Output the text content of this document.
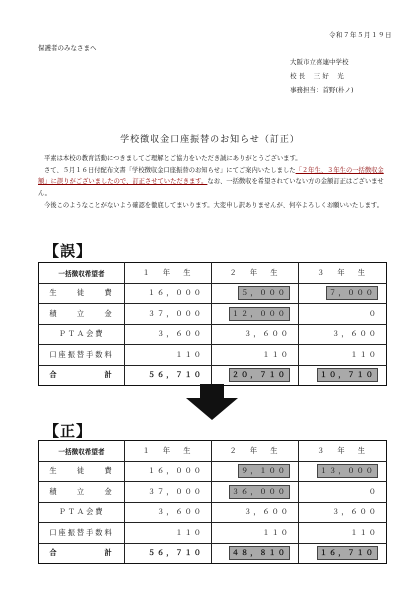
令和７年５月１９日
保護者のみなさまへ
大阪市立喜連中学校
校 長　 三 好　 光
事務担当：首野(朴ノ)
学校徴収金口座振替のお知らせ（訂正）

平素は本校の教育活動につきましてご理解とご協力をいただき誠にありがとうございます。

さて、５月１６日付配布文書「学校徴収金口座振替のお知らせ」にてご案内いたしました「２年生、３年生の一括徴収金額」に誤りがございましたので、訂正させていただきます。なお、一括徴収を希望されていない方の金額訂正はございません。

今後このようなことがないよう確認を徹底してまいります。大変申し訳ありませんが、何卒よろしくお願いいたします。

【誤】
一括徴収希望者	１　年　生	２　年　生	３　年　生
生　　徒　　費	１６，０００	５，０００	７，０００
積　　立　　金	３７，０００	１２，０００	０
ＰＴＡ会費	３，６００	３，６００	３，６００
口座振替手数料	１１０	１１０	１１０
合　　　　　計	５６，７１０	２０，７１０	１０，７１０
【正】
一括徴収希望者	１　年　生	２　年　生	３　年　生
生　　徒　　費	１６，０００	９，１００	１３，０００
積　　立　　金	３７，０００	３６，０００	０
ＰＴＡ会費	３，６００	３，６００	３，６００
口座振替手数料	１１０	１１０	１１０
合　　　　　計	５６，７１０	４８，８１０	１６，７１０
